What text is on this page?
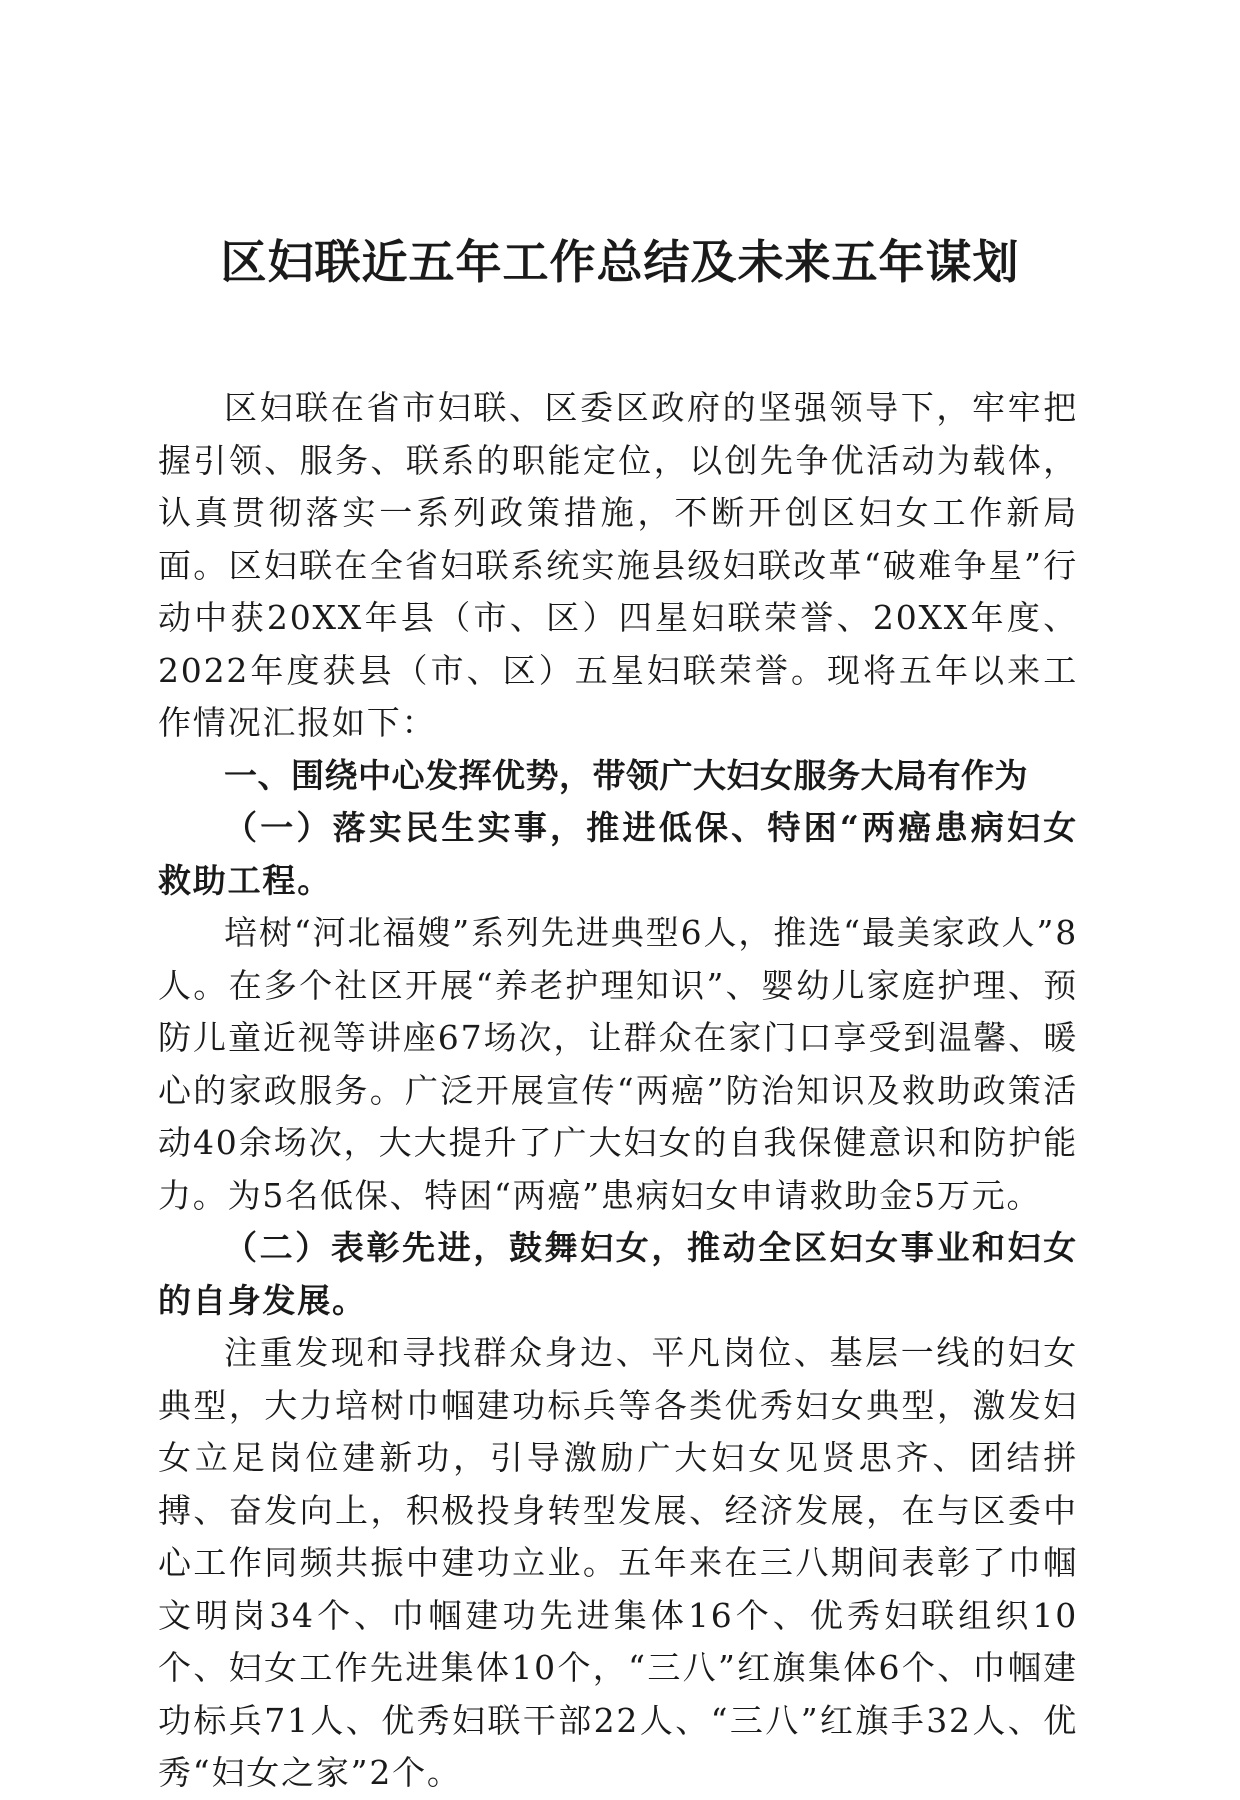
区妇联近五年工作总结及未来五年谋划

区妇联在省市妇联、区委区政府的坚强领导下，牢牢把握引领、服务、联系的职能定位，以创先争优活动为载体，认真贯彻落实一系列政策措施，不断开创区妇女工作新局面。区妇联在全省妇联系统实施县级妇联改革“破难争星”行动中获20XX年县（市、区）四星妇联荣誉、20XX年度、2022年度获县（市、区）五星妇联荣誉。现将五年以来工作情况汇报如下：

一、围绕中心发挥优势，带领广大妇女服务大局有作为

（一）落实民生实事，推进低保、特困“两癌患病妇女救助工程。

培树“河北福嫂”系列先进典型6人，推选“最美家政人”8人。在多个社区开展“养老护理知识”、婴幼儿家庭护理、预防儿童近视等讲座67场次，让群众在家门口享受到温馨、暖心的家政服务。广泛开展宣传“两癌”防治知识及救助政策活动40余场次，大大提升了广大妇女的自我保健意识和防护能力。为5名低保、特困“两癌”患病妇女申请救助金5万元。

（二）表彰先进，鼓舞妇女，推动全区妇女事业和妇女的自身发展。

注重发现和寻找群众身边、平凡岗位、基层一线的妇女典型，大力培树巾帼建功标兵等各类优秀妇女典型，激发妇女立足岗位建新功，引导激励广大妇女见贤思齐、团结拼搏、奋发向上，积极投身转型发展、经济发展，在与区委中心工作同频共振中建功立业。五年来在三八期间表彰了巾帼文明岗34个、巾帼建功先进集体16个、优秀妇联组织10个、妇女工作先进集体10个，“三八”红旗集体6个、巾帼建功标兵71人、优秀妇联干部22人、“三八”红旗手32人、优秀“妇女之家”2个。
